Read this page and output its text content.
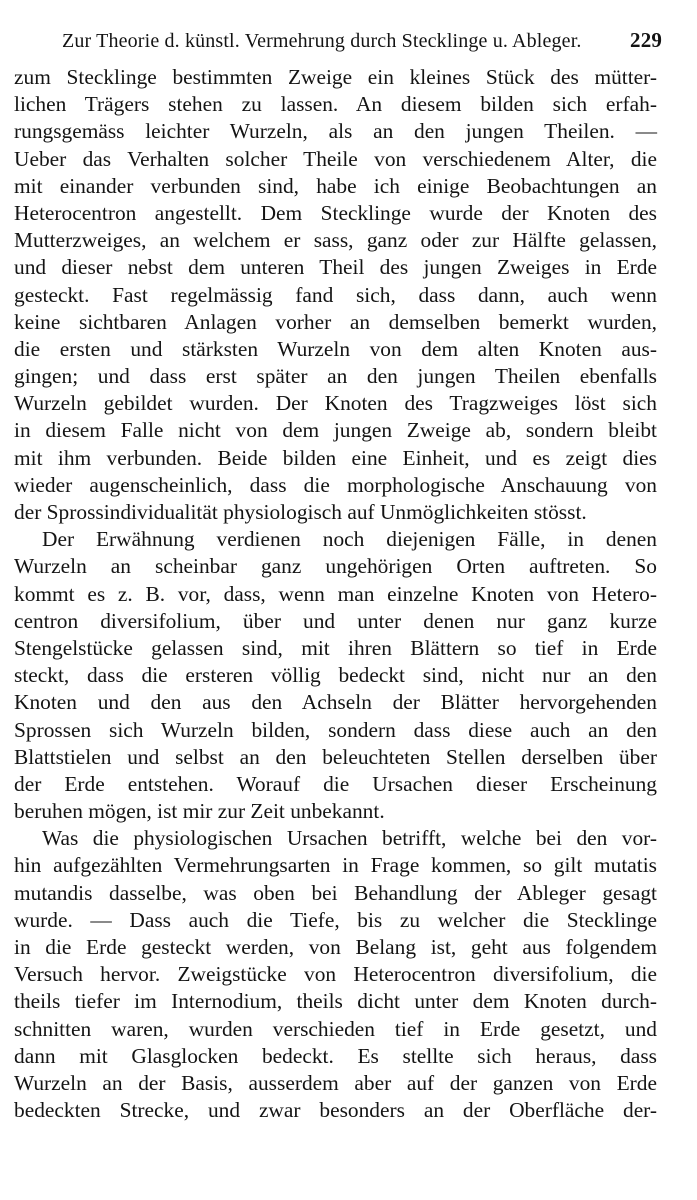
Zur Theorie d. künstl. Vermehrung durch Stecklinge u. Ableger. 229
zum Stecklinge bestimmten Zweige ein kleines Stück des mütter-
lichen Trägers stehen zu lassen. An diesem bilden sich erfah-
rungsgemäss leichter Wurzeln, als an den jungen Theilen. —
Ueber das Verhalten solcher Theile von verschiedenem Alter, die
mit einander verbunden sind, habe ich einige Beobachtungen an
Heterocentron angestellt. Dem Stecklinge wurde der Knoten des
Mutterzweiges, an welchem er sass, ganz oder zur Hälfte gelassen,
und dieser nebst dem unteren Theil des jungen Zweiges in Erde
gesteckt. Fast regelmässig fand sich, dass dann, auch wenn
keine sichtbaren Anlagen vorher an demselben bemerkt wurden,
die ersten und stärksten Wurzeln von dem alten Knoten aus-
gingen; und dass erst später an den jungen Theilen ebenfalls
Wurzeln gebildet wurden. Der Knoten des Tragzweiges löst sich
in diesem Falle nicht von dem jungen Zweige ab, sondern bleibt
mit ihm verbunden. Beide bilden eine Einheit, und es zeigt dies
wieder augenscheinlich, dass die morphologische Anschauung von
der Sprossindividualität physiologisch auf Unmöglichkeiten stösst.
Der Erwähnung verdienen noch diejenigen Fälle, in denen
Wurzeln an scheinbar ganz ungehörigen Orten auftreten. So
kommt es z. B. vor, dass, wenn man einzelne Knoten von Hetero-
centron diversifolium, über und unter denen nur ganz kurze
Stengelstücke gelassen sind, mit ihren Blättern so tief in Erde
steckt, dass die ersteren völlig bedeckt sind, nicht nur an den
Knoten und den aus den Achseln der Blätter hervorgehenden
Sprossen sich Wurzeln bilden, sondern dass diese auch an den
Blattstielen und selbst an den beleuchteten Stellen derselben über
der Erde entstehen. Worauf die Ursachen dieser Erscheinung
beruhen mögen, ist mir zur Zeit unbekannt.
Was die physiologischen Ursachen betrifft, welche bei den vor-
hin aufgezählten Vermehrungsarten in Frage kommen, so gilt mutatis
mutandis dasselbe, was oben bei Behandlung der Ableger gesagt
wurde. — Dass auch die Tiefe, bis zu welcher die Stecklinge
in die Erde gesteckt werden, von Belang ist, geht aus folgendem
Versuch hervor. Zweigstücke von Heterocentron diversifolium, die
theils tiefer im Internodium, theils dicht unter dem Knoten durch-
schnitten waren, wurden verschieden tief in Erde gesetzt, und
dann mit Glasglocken bedeckt. Es stellte sich heraus, dass
Wurzeln an der Basis, ausserdem aber auf der ganzen von Erde
bedeckten Strecke, und zwar besonders an der Oberfläche der-
